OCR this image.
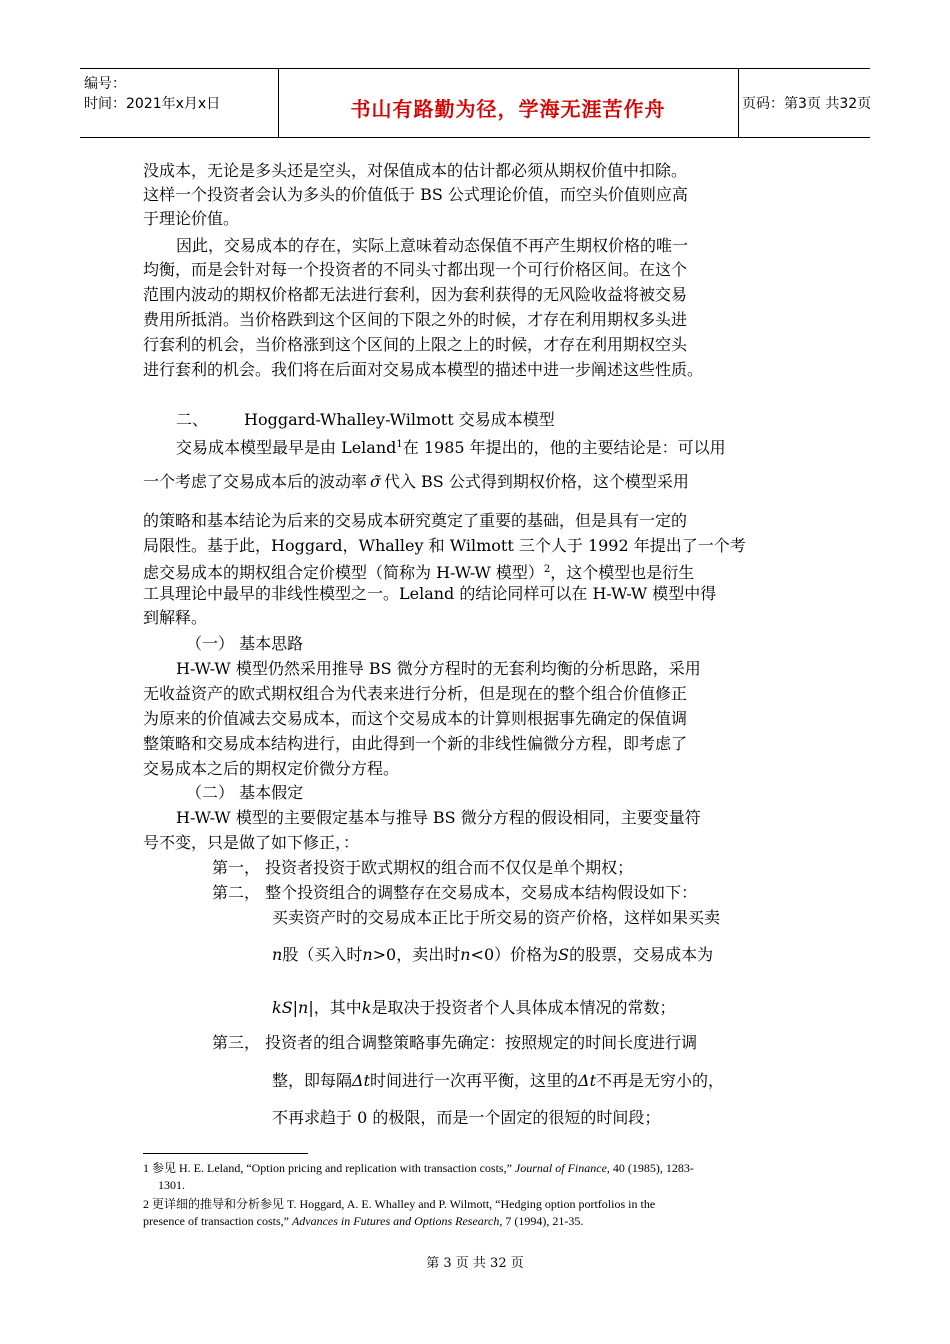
编号：
时间：2021年x月x日	书山有路勤为径，学海无涯苦作舟	页码：第3页 共32页
没成本，无论是多头还是空头，对保值成本的估计都必须从期权价值中扣除。
这样一个投资者会认为多头的价值低于 BS 公式理论价值，而空头价值则应高
于理论价值。
因此，交易成本的存在，实际上意味着动态保值不再产生期权价格的唯一
均衡，而是会针对每一个投资者的不同头寸都出现一个可行价格区间。在这个
范围内波动的期权价格都无法进行套利，因为套利获得的无风险收益将被交易
费用所抵消。当价格跌到这个区间的下限之外的时候，才存在利用期权多头进
行套利的机会，当价格涨到这个区间的上限之上的时候，才存在利用期权空头
进行套利的机会。我们将在后面对交易成本模型的描述中进一步阐述这些性质。
二、 Hoggard-Whalley-Wilmott 交易成本模型
交易成本模型最早是由 Leland$^1$在 1985 年提出的，他的主要结论是：可以用
一个考虑了交易成本后的波动率 σ̃ 代入 BS 公式得到期权价格，这个模型采用
的策略和基本结论为后来的交易成本研究奠定了重要的基础，但是具有一定的
局限性。基于此，Hoggard，Whalley 和 Wilmott 三个人于 1992 年提出了一个考
虑交易成本的期权组合定价模型（简称为 H-W-W 模型）$^2$，这个模型也是衍生
工具理论中最早的非线性模型之一。Leland 的结论同样可以在 H-W-W 模型中得
到解释。
（一） 基本思路
H-W-W 模型仍然采用推导 BS 微分方程时的无套利均衡的分析思路，采用
无收益资产的欧式期权组合为代表来进行分析，但是现在的整个组合价值修正
为原来的价值减去交易成本，而这个交易成本的计算则根据事先确定的保值调
整策略和交易成本结构进行，由此得到一个新的非线性偏微分方程，即考虑了
交易成本之后的期权定价微分方程。
（二） 基本假定
H-W-W 模型的主要假定基本与推导 BS 微分方程的假设相同，主要变量符
号不变，只是做了如下修正，：
第一， 投资者投资于欧式期权的组合而不仅仅是单个期权；
第二， 整个投资组合的调整存在交易成本，交易成本结构假设如下：
买卖资产时的交易成本正比于所交易的资产价格，这样如果买卖
n股（买入时n>0，卖出时n<0）价格为S的股票，交易成本为
kS|n|，其中k是取决于投资者个人具体成本情况的常数；
第三， 投资者的组合调整策略事先确定：按照规定的时间长度进行调
整，即每隔Δt时间进行一次再平衡，这里的Δt不再是无穷小的，
不再求趋于 0 的极限，而是一个固定的很短的时间段；
1 参见 H. E. Leland, “Option pricing and replication with transaction costs,” Journal of Finance, 40 (1985), 1283-
1301.
2 更详细的推导和分析参见 T. Hoggard, A. E. Whalley and P. Wilmott, “Hedging option portfolios in the
presence of transaction costs,” Advances in Futures and Options Research, 7 (1994), 21-35.
第 3 页 共 32 页
